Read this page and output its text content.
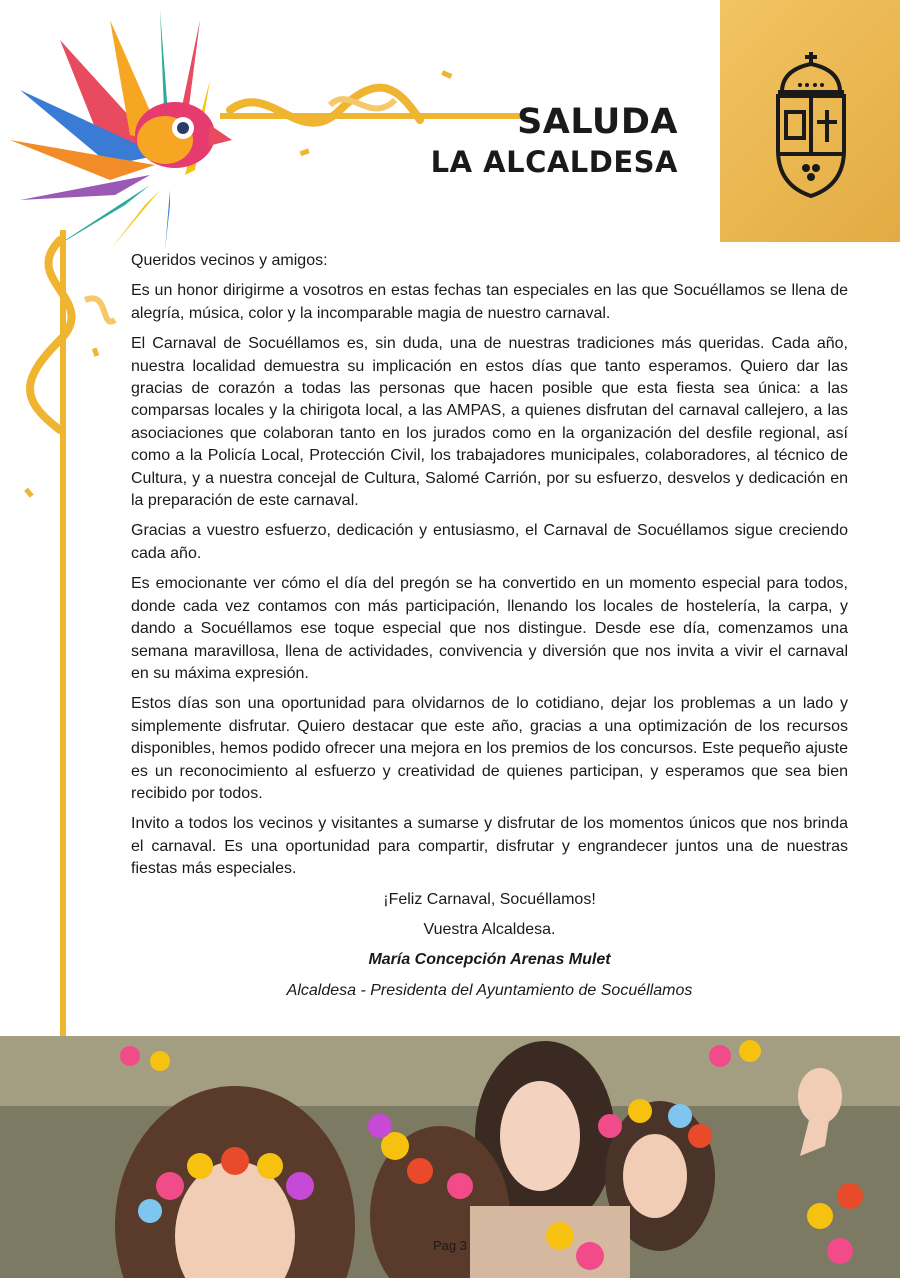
SALUDA
LA ALCALDESA

Queridos vecinos y amigos:

Es un honor dirigirme a vosotros en estas fechas tan especiales en las que Socuéllamos se llena de alegría, música, color y la incomparable magia de nuestro carnaval.

El Carnaval de Socuéllamos es, sin duda, una de nuestras tradiciones más queridas. Cada año, nuestra localidad demuestra su implicación en estos días que tanto esperamos. Quiero dar las gracias de corazón a todas las personas que hacen posible que esta fiesta sea única: a las comparsas locales y la chirigota local, a las AMPAS, a quienes disfrutan del carnaval callejero, a las asociaciones que colaboran tanto en los jurados como en la organización del desfile regional, así como a la Policía Local, Protección Civil, los trabajadores municipales, colaboradores, al técnico de Cultura, y a nuestra concejal de Cultura, Salomé Carrión, por su esfuerzo, desvelos y dedicación en la preparación de este carnaval.

Gracias a vuestro esfuerzo, dedicación y entusiasmo, el Carnaval de Socuéllamos sigue creciendo cada año.

Es emocionante ver cómo el día del pregón se ha convertido en un momento especial para todos, donde cada vez contamos con más participación, llenando los locales de hostelería, la carpa, y dando a Socuéllamos ese toque especial que nos distingue. Desde ese día, comenzamos una semana maravillosa, llena de actividades, convivencia y diversión que nos invita a vivir el carnaval en su máxima expresión.

Estos días son una oportunidad para olvidarnos de lo cotidiano, dejar los problemas a un lado y simplemente disfrutar. Quiero destacar que este año, gracias a una optimización de los recursos disponibles, hemos podido ofrecer una mejora en los premios de los concursos. Este pequeño ajuste es un reconocimiento al esfuerzo y creatividad de quienes participan, y esperamos que sea bien recibido por todos.

Invito a todos los vecinos y visitantes a sumarse y disfrutar de los momentos únicos que nos brinda el carnaval. Es una oportunidad para compartir, disfrutar y engrandecer juntos una de nuestras fiestas más especiales.

¡Feliz Carnaval, Socuéllamos!
Vuestra Alcaldesa.
María Concepción Arenas Mulet
Alcaldesa - Presidenta del Ayuntamiento de Socuéllamos
Pag 3
